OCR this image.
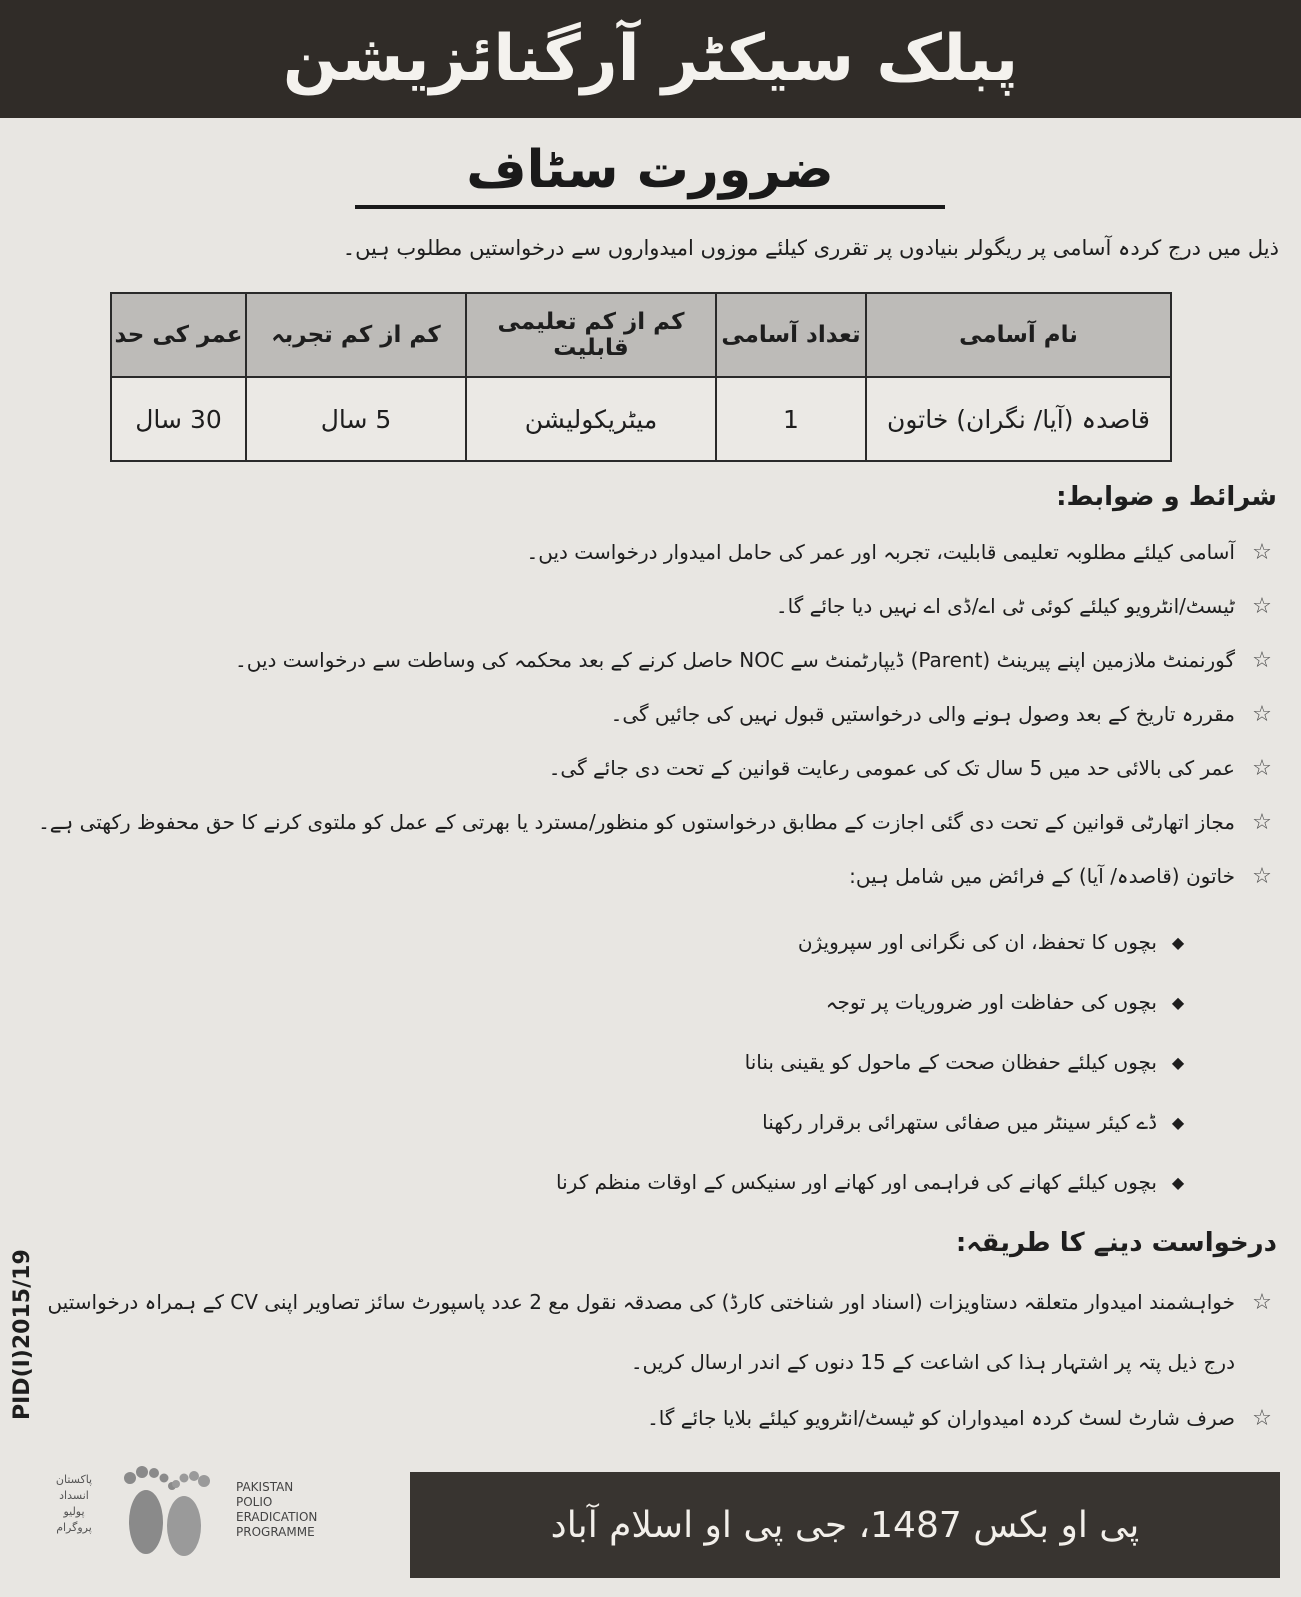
پبلک سیکٹر آرگنائزیشن
ضرورت سٹاف
ذیل میں درج کردہ آسامی پر ریگولر بنیادوں پر تقرری کیلئے موزوں امیدواروں سے درخواستیں مطلوب ہیں۔
نام آسامی	تعداد آسامی	کم از کم تعلیمی قابلیت	کم از کم تجربہ	عمر کی حد
قاصدہ (آیا/ نگران) خاتون	1	میٹریکولیشن	5 سال	30 سال
شرائط و ضوابط:
☆
آسامی کیلئے مطلوبہ تعلیمی قابلیت، تجربہ اور عمر کی حامل امیدوار درخواست دیں۔
☆
ٹیسٹ/انٹرویو کیلئے کوئی ٹی اے/ڈی اے نہیں دیا جائے گا۔
☆
گورنمنٹ ملازمین اپنے پیرینٹ (Parent) ڈیپارٹمنٹ سے NOC حاصل کرنے کے بعد محکمہ کی وساطت سے درخواست دیں۔
☆
مقررہ تاریخ کے بعد وصول ہونے والی درخواستیں قبول نہیں کی جائیں گی۔
☆
عمر کی بالائی حد میں 5 سال تک کی عمومی رعایت قوانین کے تحت دی جائے گی۔
☆
مجاز اتھارٹی قوانین کے تحت دی گئی اجازت کے مطابق درخواستوں کو منظور/مسترد یا بھرتی کے عمل کو ملتوی کرنے کا حق محفوظ رکھتی ہے۔
☆
خاتون (قاصدہ/ آیا) کے فرائض میں شامل ہیں:
◆
بچوں کا تحفظ، ان کی نگرانی اور سپرویژن
◆
بچوں کی حفاظت اور ضروریات پر توجہ
◆
بچوں کیلئے حفظان صحت کے ماحول کو یقینی بنانا
◆
ڈے کیئر سینٹر میں صفائی ستھرائی برقرار رکھنا
◆
بچوں کیلئے کھانے کی فراہمی اور کھانے اور سنیکس کے اوقات منظم کرنا
درخواست دینے کا طریقہ:
☆
خواہشمند امیدوار متعلقہ دستاویزات (اسناد اور شناختی کارڈ) کی مصدقہ نقول مع 2 عدد پاسپورٹ سائز تصاویر اپنی CV کے ہمراہ درخواستیں
درج ذیل پتہ پر اشتہار ہذا کی اشاعت کے 15 دنوں کے اندر ارسال کریں۔
☆
صرف شارٹ لسٹ کردہ امیدواران کو ٹیسٹ/انٹرویو کیلئے بلایا جائے گا۔
PID(I)2015/19
پاکستان
انسداد
پولیو
پروگرام
PAKISTAN
POLIO
ERADICATION
PROGRAMME	پی او بکس 1487، جی پی او اسلام آباد
